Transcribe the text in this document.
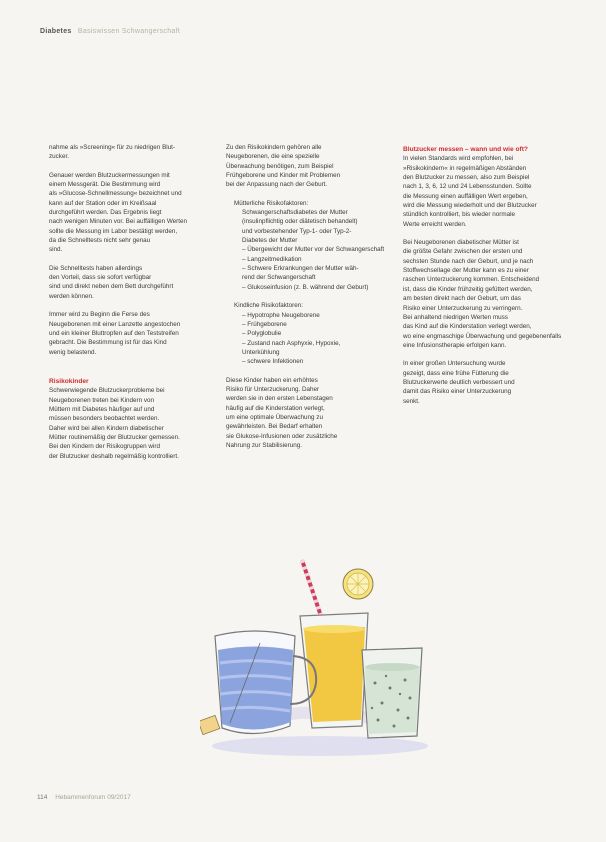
Diabetes Basiswissen Schwangerschaft

nahme als »Screening« für zu niedrigen Blut-
zucker.

Genauer werden Blutzuckermessungen mit
einem Messgerät. Die Bestimmung wird
als »Glucose-Schnellmessung« bezeichnet und
kann auf der Station oder im Kreißsaal
durchgeführt werden. Das Ergebnis liegt
nach wenigen Minuten vor. Bei auffälligen Werten
sollte die Messung im Labor bestätigt werden,
da die Schnelltests nicht sehr genau
sind.

Die Schnelltests haben allerdings
den Vorteil, dass sie sofort verfügbar
sind und direkt neben dem Bett durchgeführt
werden können.

Immer wird zu Beginn die Ferse des
Neugeborenen mit einer Lanzette angestochen
und ein kleiner Bluttropfen auf den Teststreifen
gebracht. Die Bestimmung ist für das Kind
wenig belastend.

Risikokinder

Schwerwiegende Blutzuckerprobleme bei
Neugeborenen treten bei Kindern von
Müttern mit Diabetes häufiger auf und
müssen besonders beobachtet werden.
Daher wird bei allen Kindern diabetischer
Mütter routinemäßig der Blutzucker gemessen.
Bei den Kindern der Risikogruppen wird
der Blutzucker deshalb regelmäßig kontrolliert.

Zu den Risikokindern gehören alle
Neugeborenen, die eine spezielle
Überwachung benötigen, zum Beispiel
Frühgeborene und Kinder mit Problemen
bei der Anpassung nach der Geburt.

Mütterliche Risikofaktoren:

Schwangerschaftsdiabetes der Mutter
(insulinpflichtig oder diätetisch behandelt)
und vorbestehender Typ-1- oder Typ-2-
Diabetes der Mutter
– Übergewicht der Mutter vor der Schwangerschaft
– Langzeitmedikation
– Schwere Erkrankungen der Mutter wäh-
rend der Schwangerschaft
– Glukoseinfusion (z. B. während der Geburt)

Kindliche Risikofaktoren:

– Hypotrophe Neugeborene
– Frühgeborene
– Polyglobulie
– Zustand nach Asphyxie, Hypoxie,
Unterkühlung
– schwere Infektionen

Diese Kinder haben ein erhöhtes
Risiko für Unterzuckerung. Daher
werden sie in den ersten Lebenstagen
häufig auf die Kinderstation verlegt,
um eine optimale Überwachung zu
gewährleisten. Bei Bedarf erhalten
sie Glukose-Infusionen oder zusätzliche
Nahrung zur Stabilisierung.

Blutzucker messen – wann und wie oft?

In vielen Standards wird empfohlen, bei
»Risikokindern« in regelmäßigen Abständen
den Blutzucker zu messen, also zum Beispiel
nach 1, 3, 6, 12 und 24 Lebensstunden. Sollte
die Messung einen auffälligen Wert ergeben,
wird die Messung wiederholt und der Blutzucker
stündlich kontrolliert, bis wieder normale
Werte erreicht werden.

Bei Neugeborenen diabetischer Mütter ist
die größte Gefahr zwischen der ersten und
sechsten Stunde nach der Geburt, und je nach
Stoffwechsellage der Mutter kann es zu einer
raschen Unterzuckerung kommen. Entscheidend
ist, dass die Kinder frühzeitig gefüttert werden,
am besten direkt nach der Geburt, um das
Risiko einer Unterzuckerung zu verringern.
Bei anhaltend niedrigen Werten muss
das Kind auf die Kinderstation verlegt werden,
wo eine engmaschige Überwachung und gegebenenfalls
eine Infusionstherapie erfolgen kann.

In einer großen Untersuchung wurde
gezeigt, dass eine frühe Fütterung die
Blutzuckerwerte deutlich verbessert und
damit das Risiko einer Unterzuckerung
senkt.

114 Hebammenforum 09/2017
